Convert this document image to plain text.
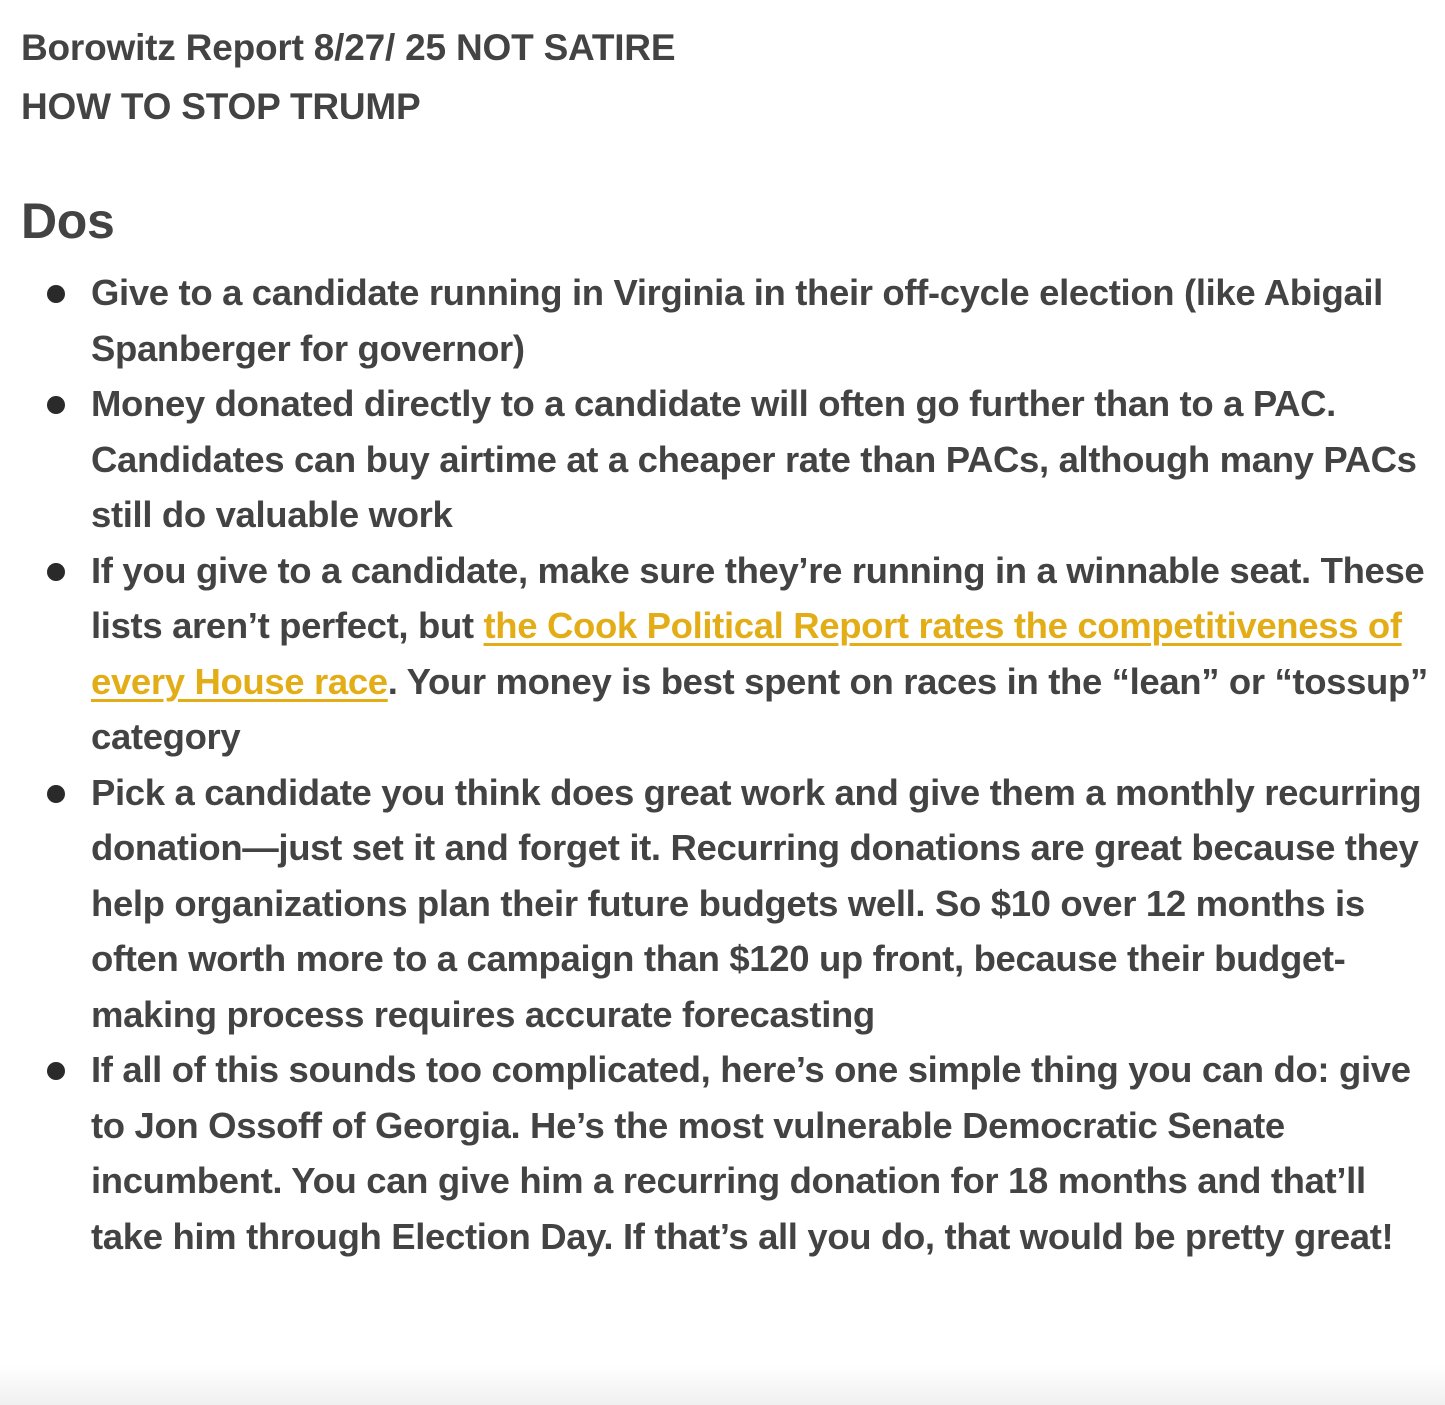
Borowitz Report 8/27/ 25 NOT SATIRE

HOW TO STOP TRUMP

Dos
Give to a candidate running in Virginia in their off-cycle election (like Abigail Spanberger for governor)
Money donated directly to a candidate will often go further than to a PAC. Candidates can buy airtime at a cheaper rate than PACs, although many PACs still do valuable work
If you give to a candidate, make sure they’re running in a winnable seat. These lists aren’t perfect, but the Cook Political Report rates the competitiveness of every House race. Your money is best spent on races in the “lean” or “tossup” category
Pick a candidate you think does great work and give them a monthly recurring donation—just set it and forget it. Recurring donations are great because they help organizations plan their future budgets well. So $10 over 12 months is often worth more to a campaign than $120 up front, because their budget-making process requires accurate forecasting
If all of this sounds too complicated, here’s one simple thing you can do: give to Jon Ossoff of Georgia. He’s the most vulnerable Democratic Senate incumbent. You can give him a recurring donation for 18 months and that’ll take him through Election Day. If that’s all you do, that would be pretty great!
